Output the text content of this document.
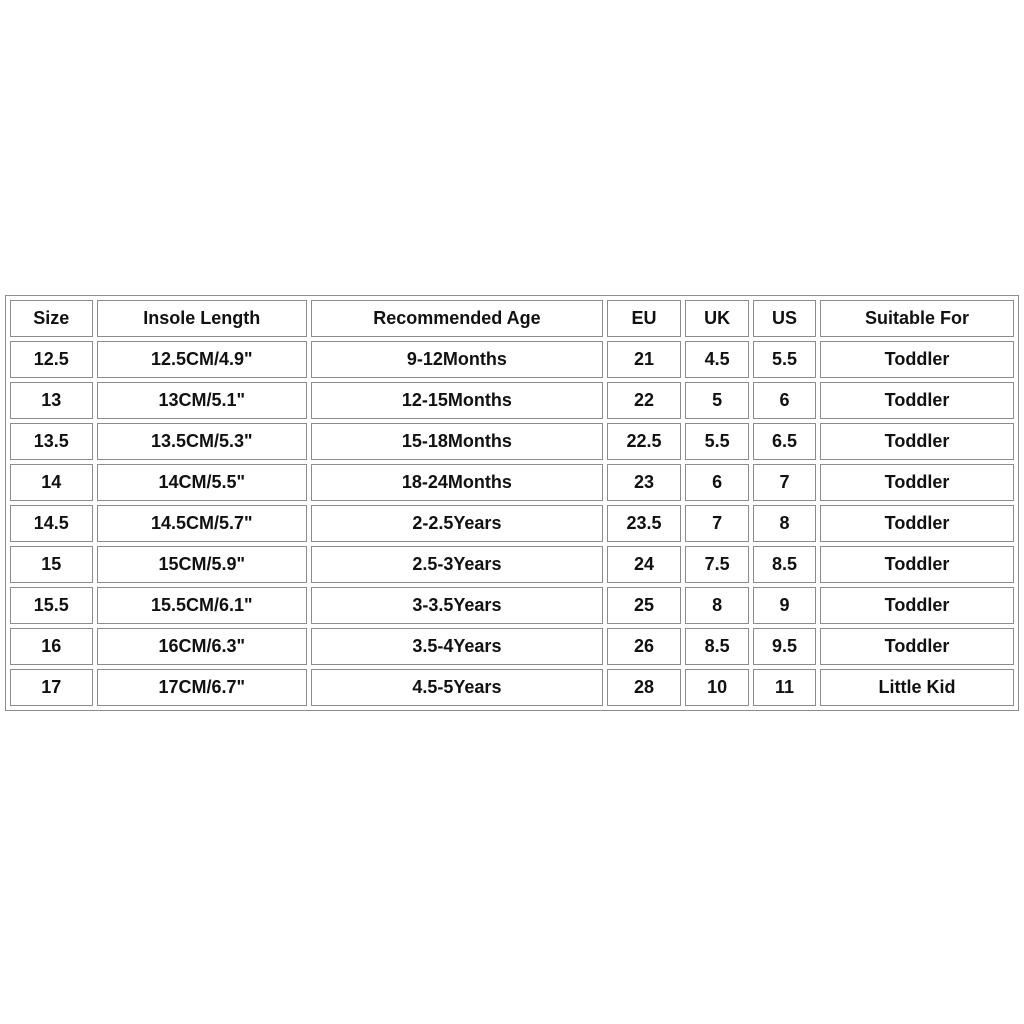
Size	Insole Length	Recommended Age	EU	UK	US	Suitable For
12.5	12.5CM/4.9"	9-12Months	21	4.5	5.5	Toddler
13	13CM/5.1"	12-15Months	22	5	6	Toddler
13.5	13.5CM/5.3"	15-18Months	22.5	5.5	6.5	Toddler
14	14CM/5.5"	18-24Months	23	6	7	Toddler
14.5	14.5CM/5.7"	2-2.5Years	23.5	7	8	Toddler
15	15CM/5.9"	2.5-3Years	24	7.5	8.5	Toddler
15.5	15.5CM/6.1"	3-3.5Years	25	8	9	Toddler
16	16CM/6.3"	3.5-4Years	26	8.5	9.5	Toddler
17	17CM/6.7"	4.5-5Years	28	10	11	Little Kid
